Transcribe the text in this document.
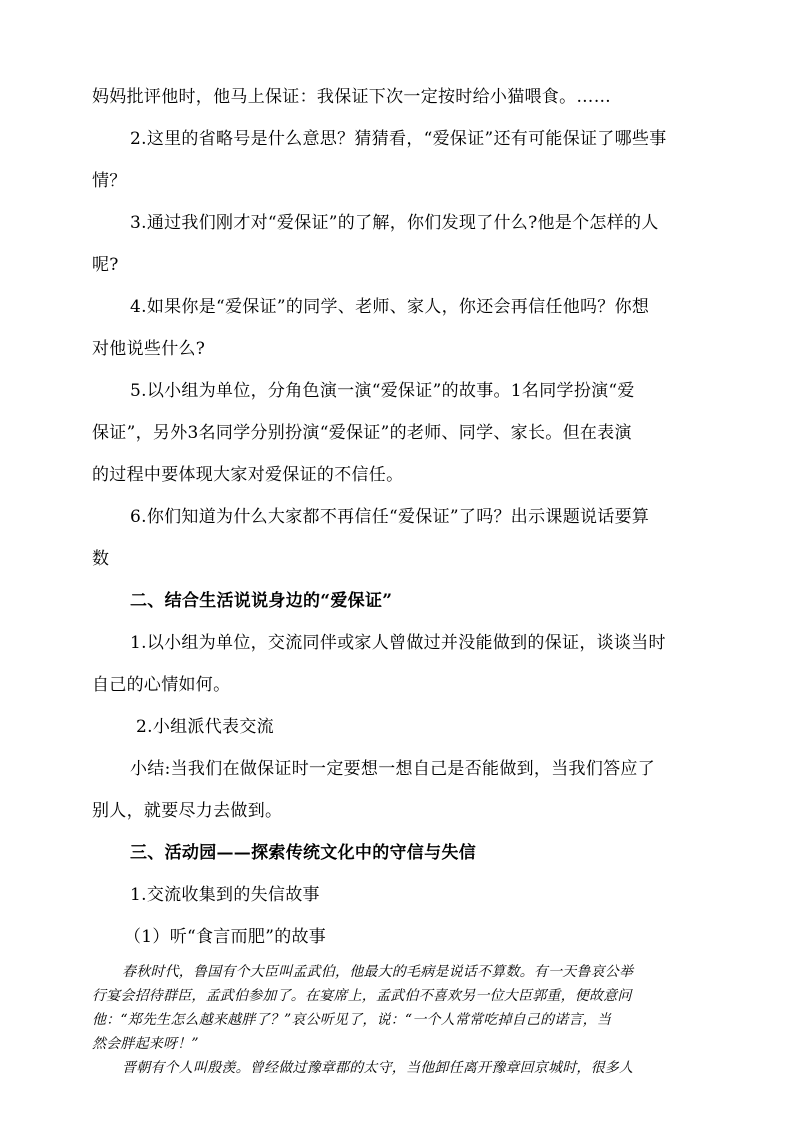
妈妈批评他时，他马上保证：我保证下次一定按时给小猫喂食。……
2.这里的省略号是什么意思？猜猜看，“爱保证”还有可能保证了哪些事
情？
3.通过我们刚才对“爱保证”的了解，你们发现了什么?他是个怎样的人
呢?
4.如果你是“爱保证”的同学、老师、家人，你还会再信任他吗？你想
对他说些什么?
5.以小组为单位，分角色演一演“爱保证”的故事。1名同学扮演“爱
保证”，另外3名同学分别扮演“爱保证”的老师、同学、家长。但在表演
的过程中要体现大家对爱保证的不信任。
6.你们知道为什么大家都不再信任“爱保证”了吗？出示课题说话要算
数
二、结合生活说说身边的“爱保证”
1.以小组为单位，交流同伴或家人曾做过并没能做到的保证，谈谈当时
自己的心情如何。
2.小组派代表交流
小结:当我们在做保证时一定要想一想自己是否能做到，当我们答应了
别人，就要尽力去做到。
三、活动园——探索传统文化中的守信与失信
1.交流收集到的失信故事
（1）听“食言而肥”的故事
春秋时代，鲁国有个大臣叫孟武伯，他最大的毛病是说话不算数。有一天鲁哀公举
行宴会招待群臣，孟武伯参加了。在宴席上，孟武伯不喜欢另一位大臣郭重，便故意问
他：“郑先生怎么越来越胖了？”哀公听见了，说：“一个人常常吃掉自己的诺言，当
然会胖起来呀！”
晋朝有个人叫殷羡。曾经做过豫章郡的太守，当他卸任离开豫章回京城时，很多人
